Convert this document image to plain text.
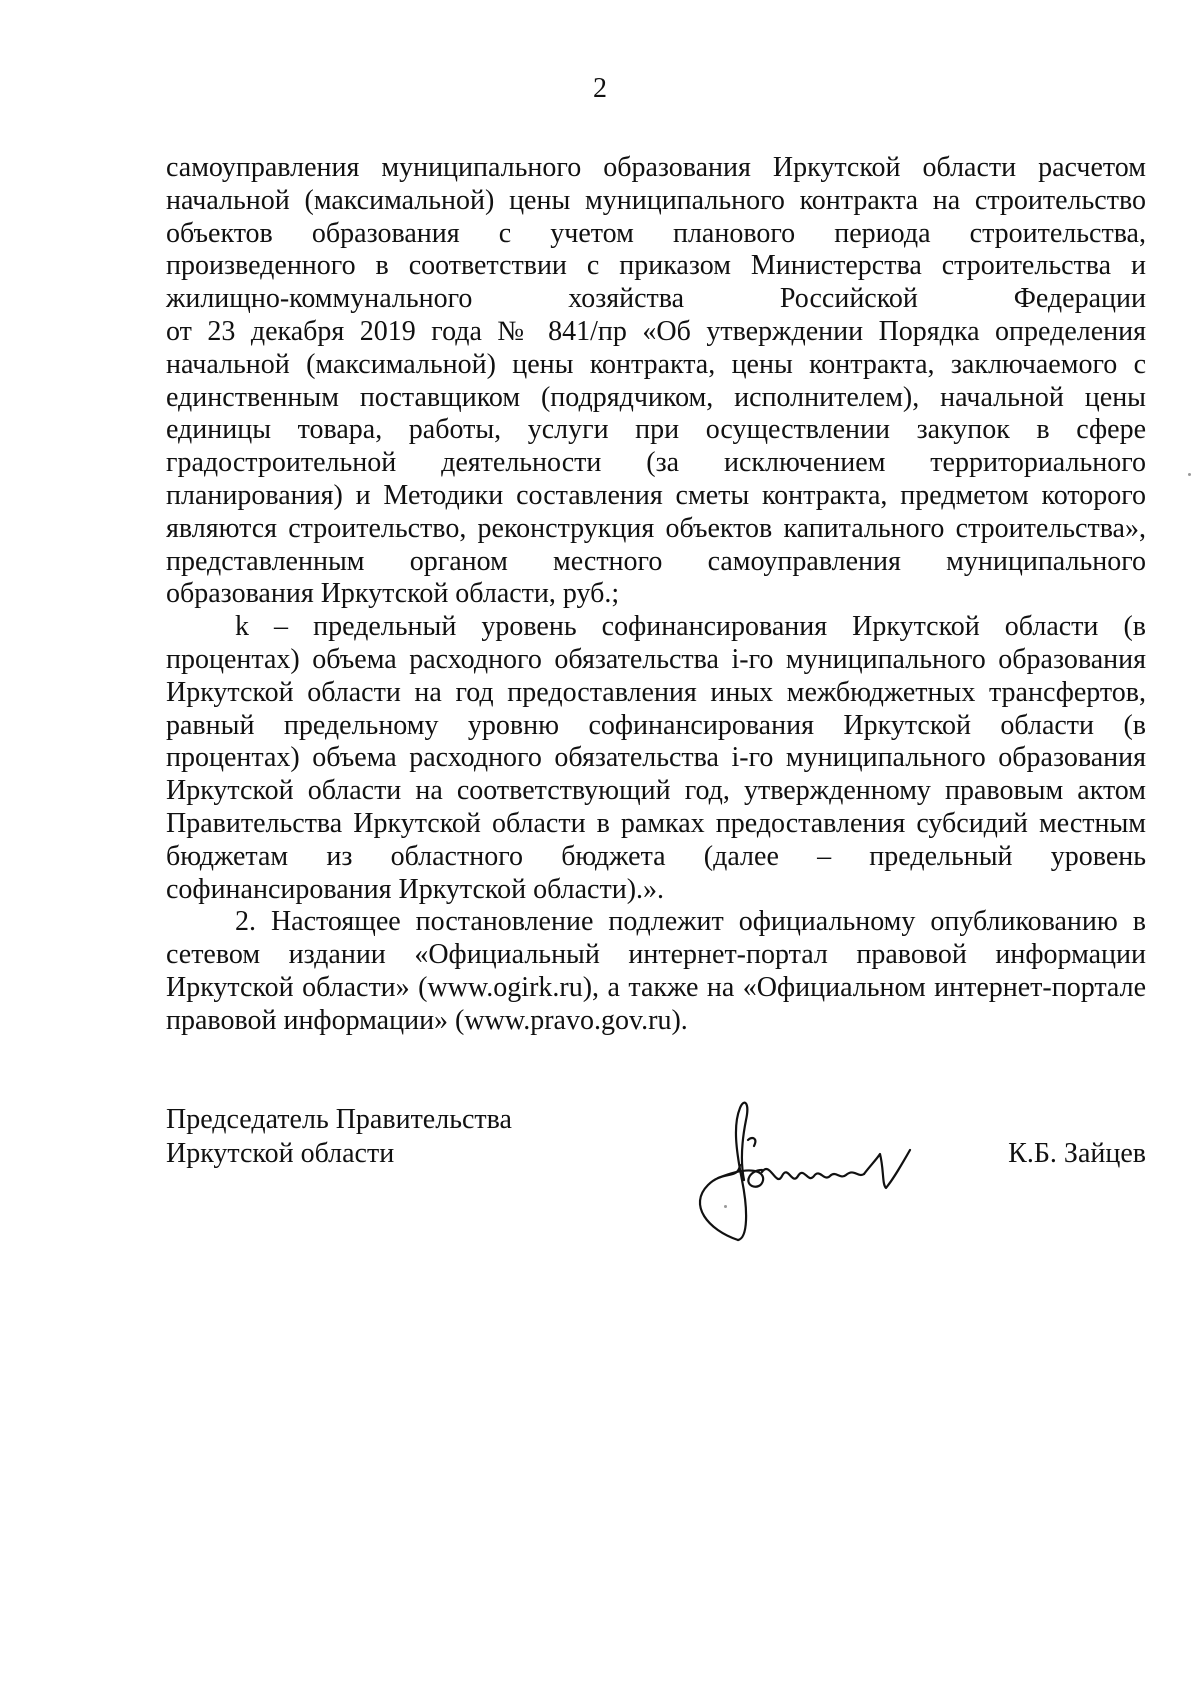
2

самоуправления муниципального образования Иркутской области расчетом
начальной (максимальной) цены муниципального контракта на строительство
объектов образования с учетом планового периода строительства,
произведенного в соответствии с приказом Министерства строительства и
жилищно-коммунального хозяйства Российской Федерации
от 23 декабря 2019 года № 841/пр «Об утверждении Порядка определения
начальной (максимальной) цены контракта, цены контракта, заключаемого с
единственным поставщиком (подрядчиком, исполнителем), начальной цены
единицы товара, работы, услуги при осуществлении закупок в сфере
градостроительной деятельности (за исключением территориального
планирования) и Методики составления сметы контракта, предметом которого
являются строительство, реконструкция объектов капитального строительства»,
представленным органом местного самоуправления муниципального
образования Иркутской области, руб.;

k – предельный уровень софинансирования Иркутской области (в процентах) объема расходного обязательства i-го муниципального образования Иркутской области на год предоставления иных межбюджетных трансфертов, равный предельному уровню софинансирования Иркутской области (в процентах) объема расходного обязательства i-го муниципального образования Иркутской области на соответствующий год, утвержденному правовым актом Правительства Иркутской области в рамках предоставления субсидий местным бюджетам из областного бюджета (далее – предельный уровень софинансирования Иркутской области).».

2. Настоящее постановление подлежит официальному опубликованию в сетевом издании «Официальный интернет-портал правовой информации Иркутской области» (www.ogirk.ru), а также на «Официальном интернет-портале правовой информации» (www.pravo.gov.ru).

Председатель Правительства
Иркутской области	К.Б. Зайцев
